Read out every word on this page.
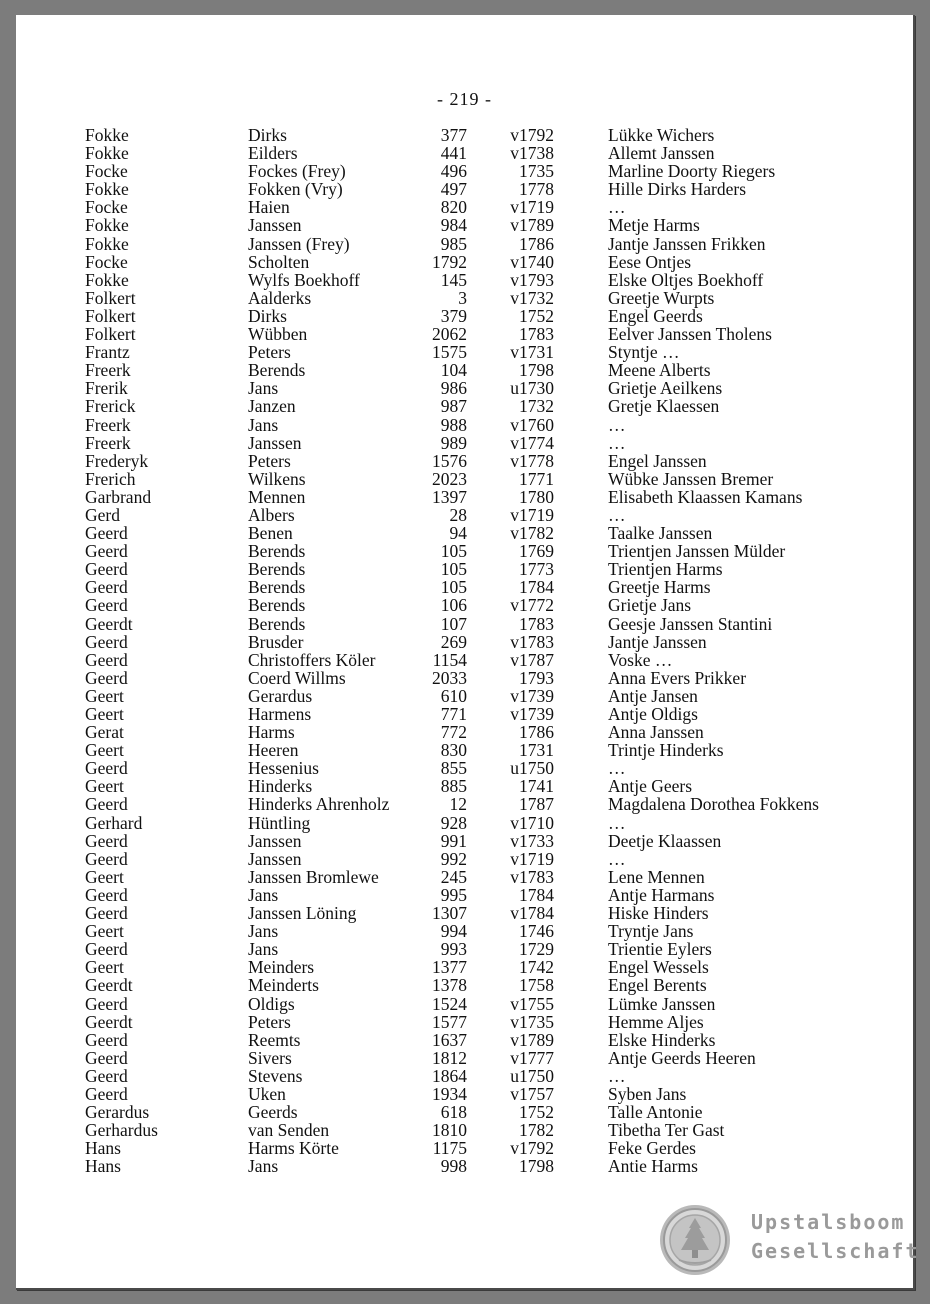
- 219 -
Fokke	Dirks	377 v1792	Lükke Wichers
Fokke	Eilders	441 v1738	Allemt Janssen
Focke	Fockes (Frey)	496	1735	Marline Doorty Riegers
Fokke	Fokken (Vry)	497	1778	Hille Dirks Harders
Focke	Haien	820 v1719	…
Fokke	Janssen	984 v1789	Metje Harms
Fokke	Janssen (Frey)	985	1786	Jantje Janssen Frikken
Focke	Scholten	1792 v1740	Eese Ontjes
Fokke	Wylfs Boekhoff	145 v1793	Elske Oltjes Boekhoff
Folkert	Aalderks	3 v1732	Greetje Wurpts
Folkert	Dirks	379	1752	Engel Geerds
Folkert	Wübben	2062	1783	Eelver Janssen Tholens
Frantz	Peters	1575 v1731	Styntje …
Freerk	Berends	104	1798	Meene Alberts
Frerik	Jans	986 u1730	Grietje Aeilkens
Frerick	Janzen	987	1732	Gretje Klaessen
Freerk	Jans	988 v1760	…
Freerk	Janssen	989 v1774	…
Frederyk	Peters	1576 v1778	Engel Janssen
Frerich	Wilkens	2023	1771	Wübke Janssen Bremer
Garbrand	Mennen	1397	1780	Elisabeth Klaassen Kamans
Gerd	Albers	28 v1719	…
Geerd	Benen	94 v1782	Taalke Janssen
Geerd	Berends	105	1769	Trientjen Janssen Mülder
Geerd	Berends	105	1773	Trientjen Harms
Geerd	Berends	105	1784	Greetje Harms
Geerd	Berends	106 v1772	Grietje Jans
Geerdt	Berends	107	1783	Geesje Janssen Stantini
Geerd	Brusder	269 v1783	Jantje Janssen
Geerd	Christoffers Köler	1154 v1787	Voske …
Geerd	Coerd Willms	2033	1793	Anna Evers Prikker
Geert	Gerardus	610 v1739	Antje Jansen
Geert	Harmens	771 v1739	Antje Oldigs
Gerat	Harms	772	1786	Anna Janssen
Geert	Heeren	830	1731	Trintje Hinderks
Geerd	Hessenius	855 u1750	…
Geert	Hinderks	885	1741	Antje Geers
Geerd	Hinderks Ahrenholz	12	1787	Magdalena Dorothea Fokkens
Gerhard	Hüntling	928 v1710	…
Geerd	Janssen	991 v1733	Deetje Klaassen
Geerd	Janssen	992 v1719	…
Geert	Janssen Bromlewe	245 v1783	Lene Mennen
Geerd	Jans	995	1784	Antje Harmans
Geerd	Janssen Löning	1307 v1784	Hiske Hinders
Geert	Jans	994	1746	Tryntje Jans
Geerd	Jans	993	1729	Trientie Eylers
Geert	Meinders	1377	1742	Engel Wessels
Geerdt	Meinderts	1378	1758	Engel Berents
Geerd	Oldigs	1524 v1755	Lümke Janssen
Geerdt	Peters	1577 v1735	Hemme Aljes
Geerd	Reemts	1637 v1789	Elske Hinderks
Geerd	Sivers	1812 v1777	Antje Geerds Heeren
Geerd	Stevens	1864 u1750	…
Geerd	Uken	1934 v1757	Syben Jans
Gerardus	Geerds	618	1752	Talle Antonie
Gerhardus	van Senden	1810	1782	Tibetha Ter Gast
Hans	Harms Körte	1175 v1792	Feke Gerdes
Hans	Jans	998	1798	Antie Harms
Upstalsboom
Gesellschaft
